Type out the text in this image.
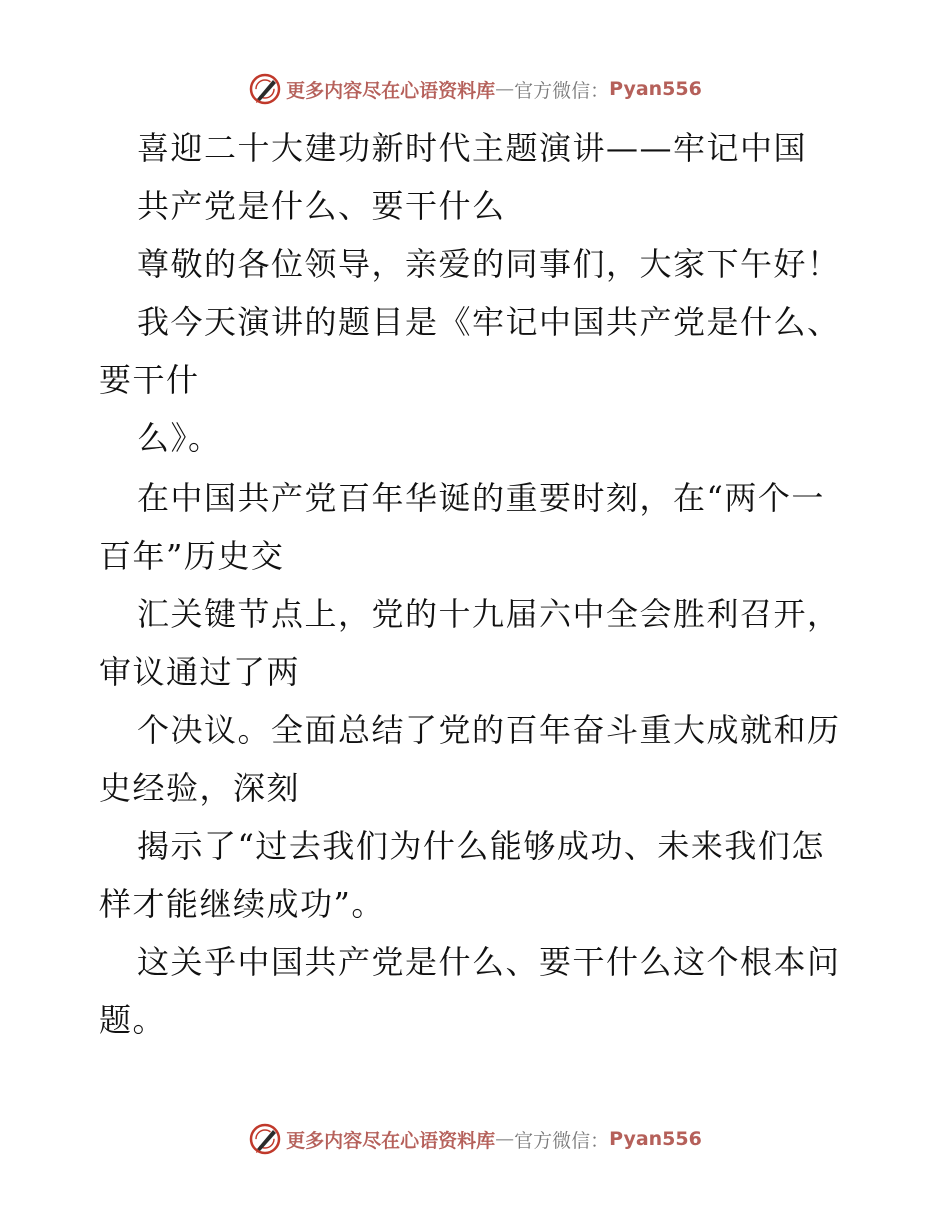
更多内容尽在心语资料库 — 官方微信： Pyan556
喜迎二十大建功新时代主题演讲——牢记中国
共产党是什么、要干什么
尊敬的各位领导，亲爱的同事们，大家下午好！
我今天演讲的题目是《牢记中国共产党是什么、
要干什
么》。
在中国共产党百年华诞的重要时刻，在“两个一
百年”历史交
汇关键节点上，党的十九届六中全会胜利召开，
审议通过了两
个决议。全面总结了党的百年奋斗重大成就和历
史经验，深刻
揭示了“过去我们为什么能够成功、未来我们怎
样才能继续成功”。
这关乎中国共产党是什么、要干什么这个根本问
题。
更多内容尽在心语资料库 — 官方微信： Pyan556
